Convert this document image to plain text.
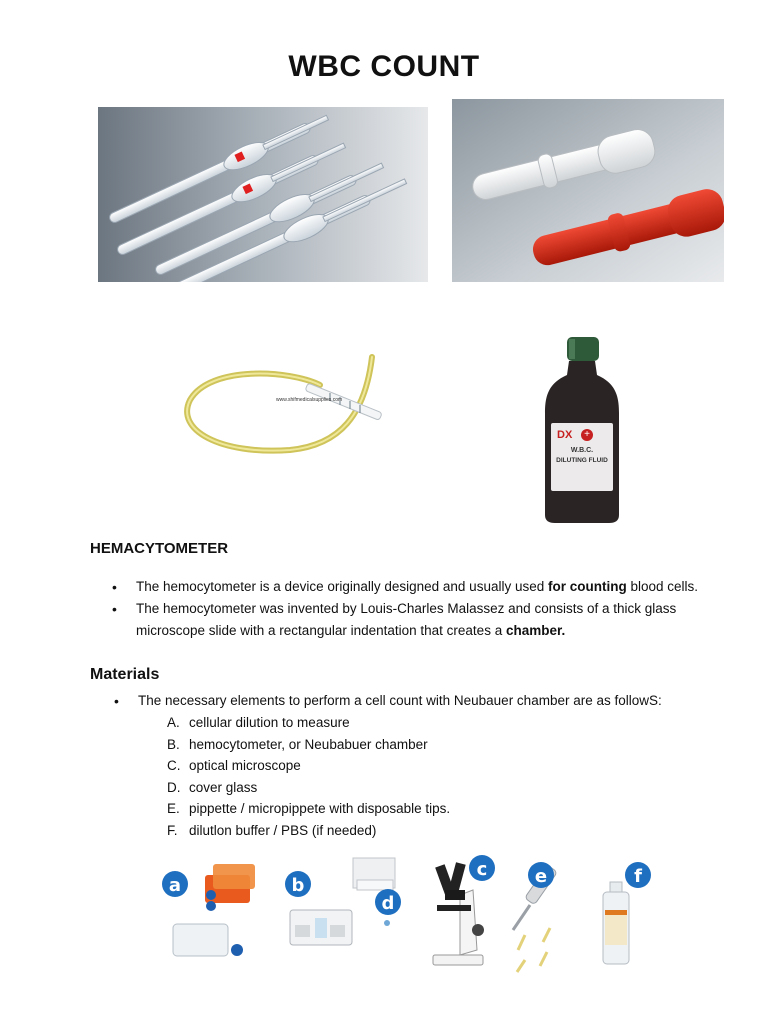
WBC COUNT
www.shifmedicalsupplies.com
DX	+
W.B.C.
DILUTING FLUID
HEMACYTOMETER
• The hemocytometer is a device originally designed and usually used for counting blood cells.
• The hemocytometer was invented by Louis-Charles Malassez and consists of a thick glass microscope slide with a rectangular indentation that creates a chamber.
Materials
• The necessary elements to perform a cell count with Neubauer chamber are as followS:
A. cellular dilution to measure
B. hemocytometer, or Neubabuer chamber
C. optical microscope
D. cover glass
E. pippette / micropippete with disposable tips.
F. dilutlon buffer / PBS (if needed)
a	b
d
c	e	f
